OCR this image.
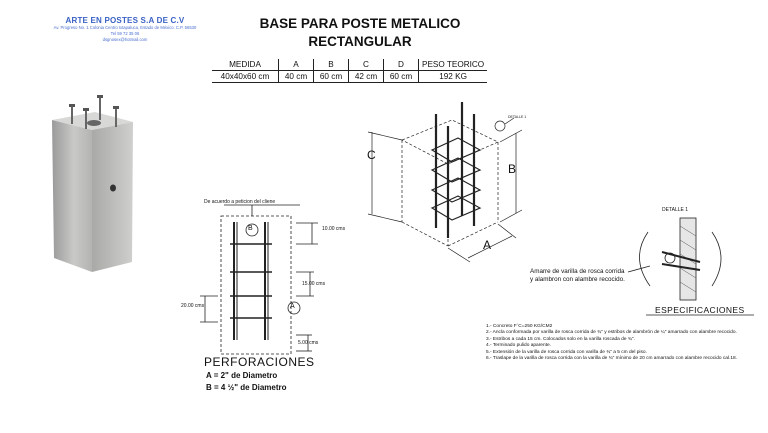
ARTE EN POSTES S.A DE C.V
Av. Progreso No. 1 Colonia Centro Ixtapaluca, Estado de México. C.P. 56530
Tel 59 72 35 06
dsgnosex@hotmail.com
BASE PARA POSTE METALICO
RECTANGULAR
MEDIDA	A	B	C	D	PESO TEORICO
40x40x60 cm	40 cm	60 cm	42 cm	60 cm	192 KG
De acuerdo a peticion del cliene
10.00 cms
15.00 cms
20.00 cms
5.00 cms
B
A
PERFORACIONES
A = 2" de Diametro
B = 4 ½" de Diametro
C
B
A
DETALLE 1
DETALLE 1
Amarre de varilla de rosca corrida
y alambron con alambre recocido.
ESPECIFICACIONES
1.- Concreto F´C=250 KG/CM2
2.- Ancla conformada por varilla de rosca corrida de ¾" y estribos de alambrón de ¼" amarrado con alambre recocido.
3.- Estribos a cada 15 cm. Colocados solo en la varilla roscada de ¾".
4.- Terminado pulido aparente.
5.- Extensión de la varilla de rosca corrida con varilla de ¾" a 5 cm del piso.
6.- Traslape de la varilla de rosca corrida con la varilla de ¾" mínimo de 20 cm amarrado con alambre recocido cal.18.
